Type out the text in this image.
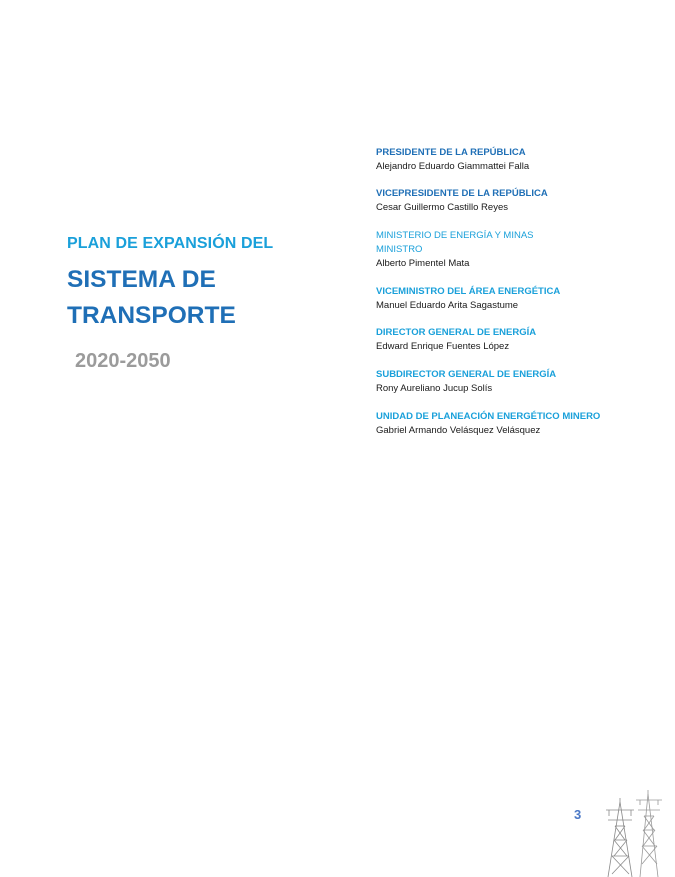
PLAN DE EXPANSIÓN DEL

SISTEMA DE
TRANSPORTE

2020-2050

PRESIDENTE DE LA REPÚBLICA
Alejandro Eduardo Giammattei Falla
VICEPRESIDENTE DE LA REPÚBLICA
Cesar Guillermo Castillo Reyes
MINISTERIO DE ENERGÍA Y MINAS
MINISTRO
Alberto Pimentel Mata
VICEMINISTRO DEL ÁREA ENERGÉTICA
Manuel Eduardo Arita Sagastume
DIRECTOR GENERAL DE ENERGÍA
Edward Enrique Fuentes López
SUBDIRECTOR GENERAL DE ENERGÍA
Rony Aureliano Jucup Solís
UNIDAD DE PLANEACIÓN ENERGÉTICO MINERO
Gabriel Armando Velásquez Velásquez
3
